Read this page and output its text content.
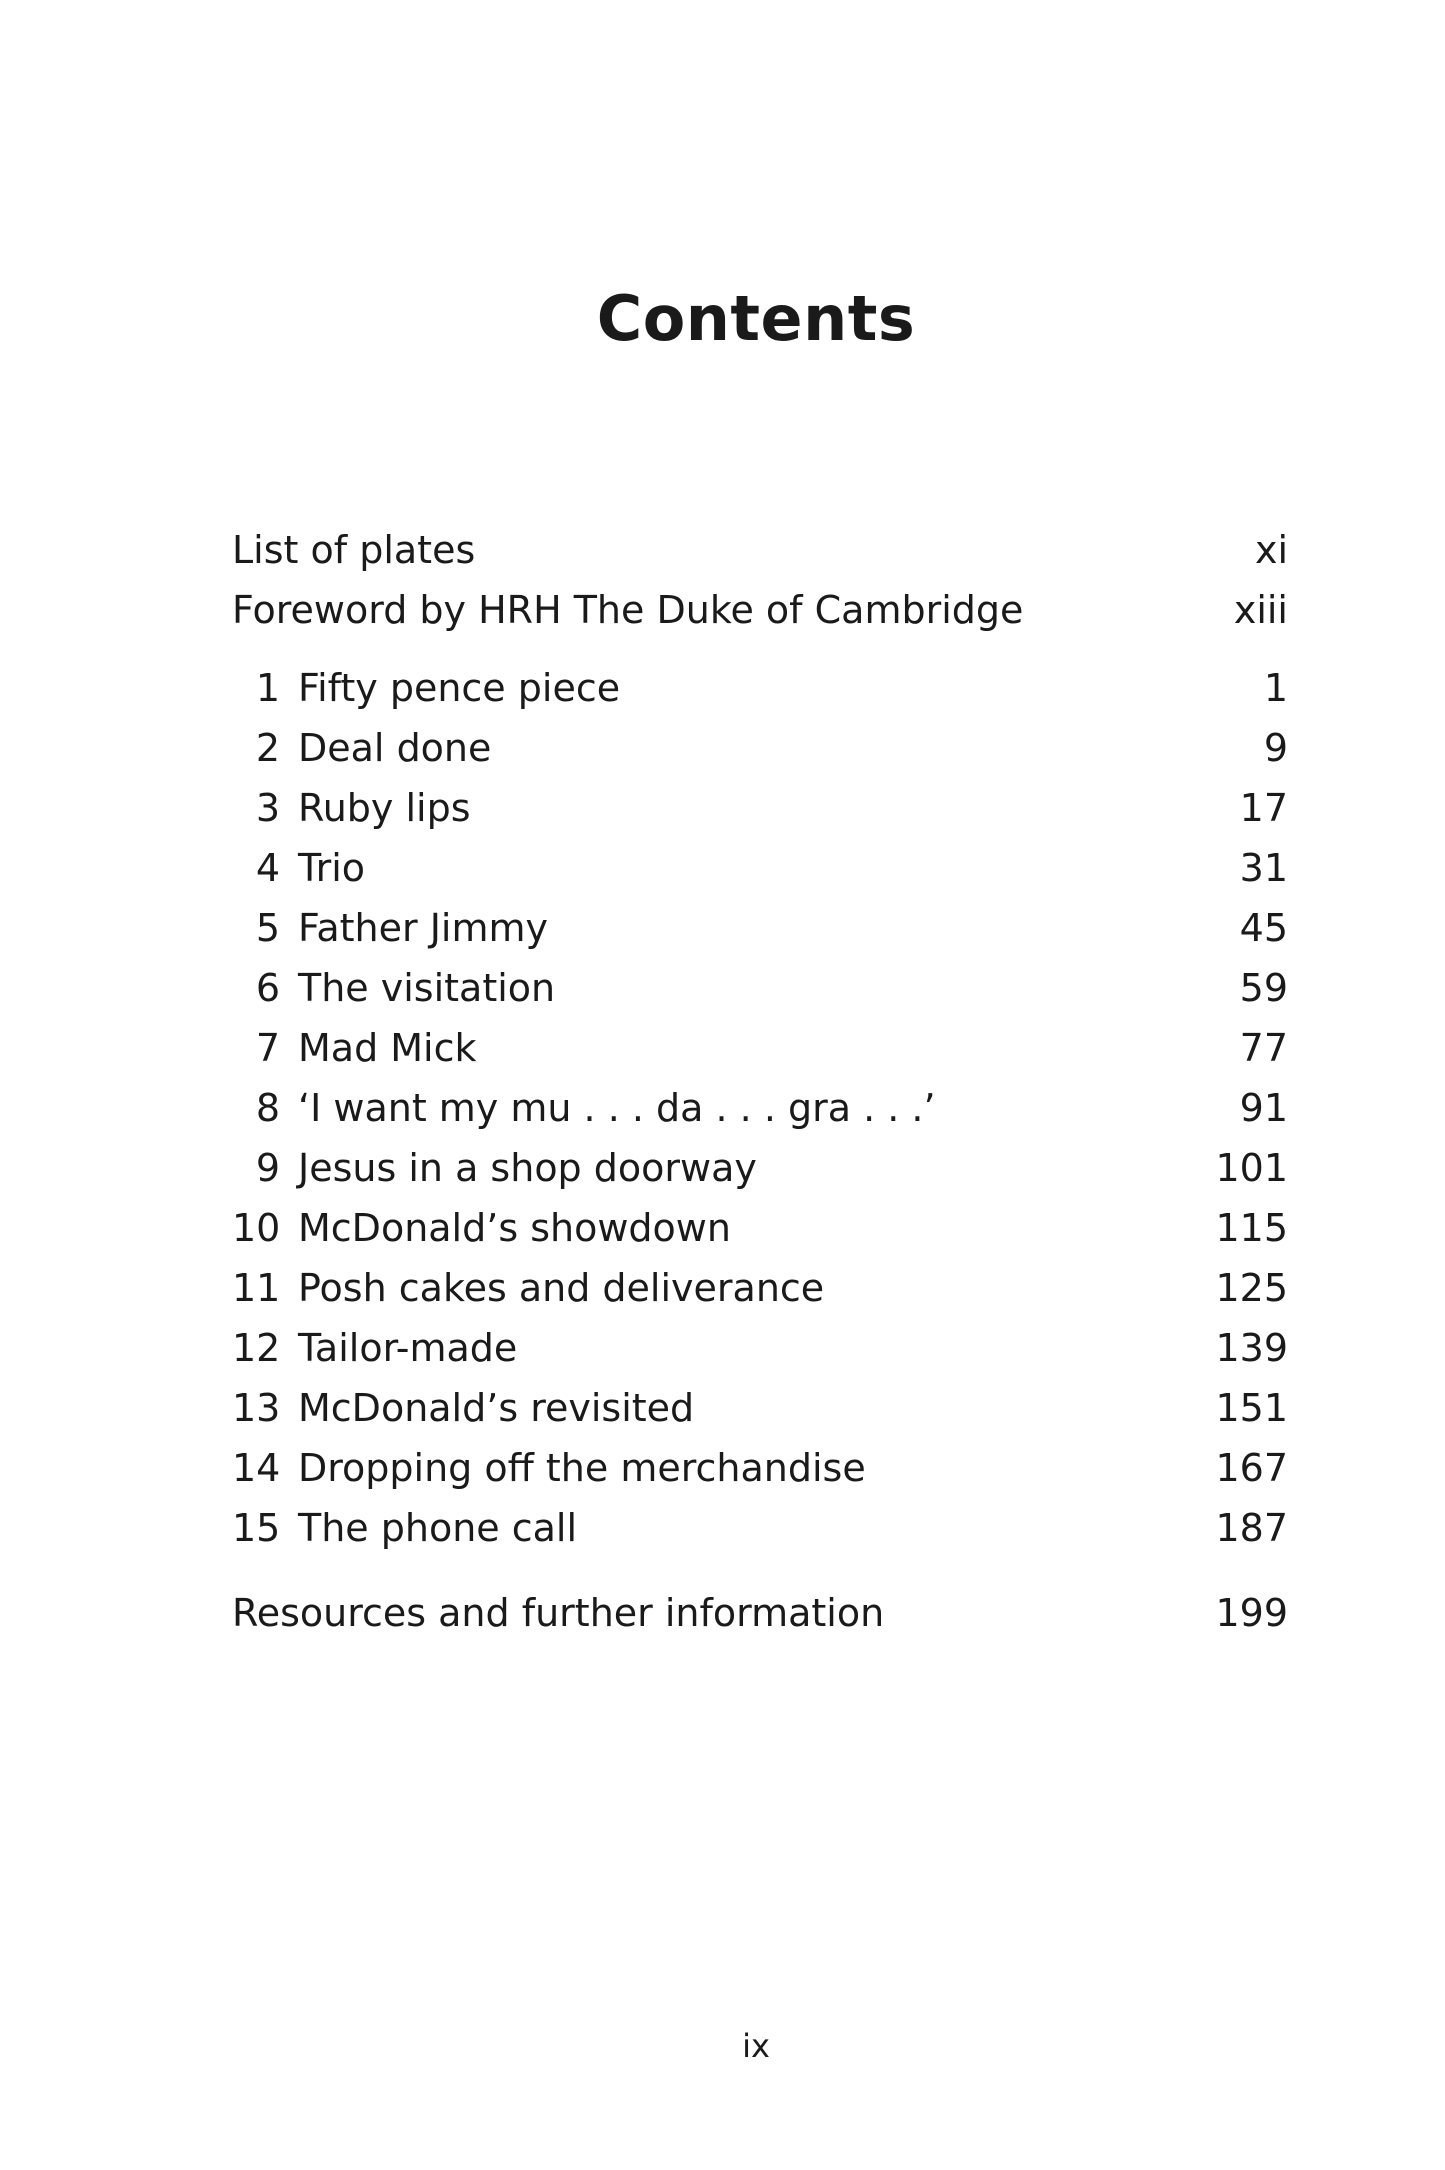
Contents
List of plates	xi
Foreword by HRH The Duke of Cambridge	xiii
1 Fifty pence piece	1
2 Deal done	9
3 Ruby lips	17
4 Trio	31
5 Father Jimmy	45
6 The visitation	59
7 Mad Mick	77
8 ‘I want my mu . . . da . . . gra . . .’	91
9 Jesus in a shop doorway	101
10 McDonald’s showdown	115
11 Posh cakes and deliverance	125
12 Tailor-made	139
13 McDonald’s revisited	151
14 Dropping off the merchandise	167
15 The phone call	187
Resources and further information	199
ix
